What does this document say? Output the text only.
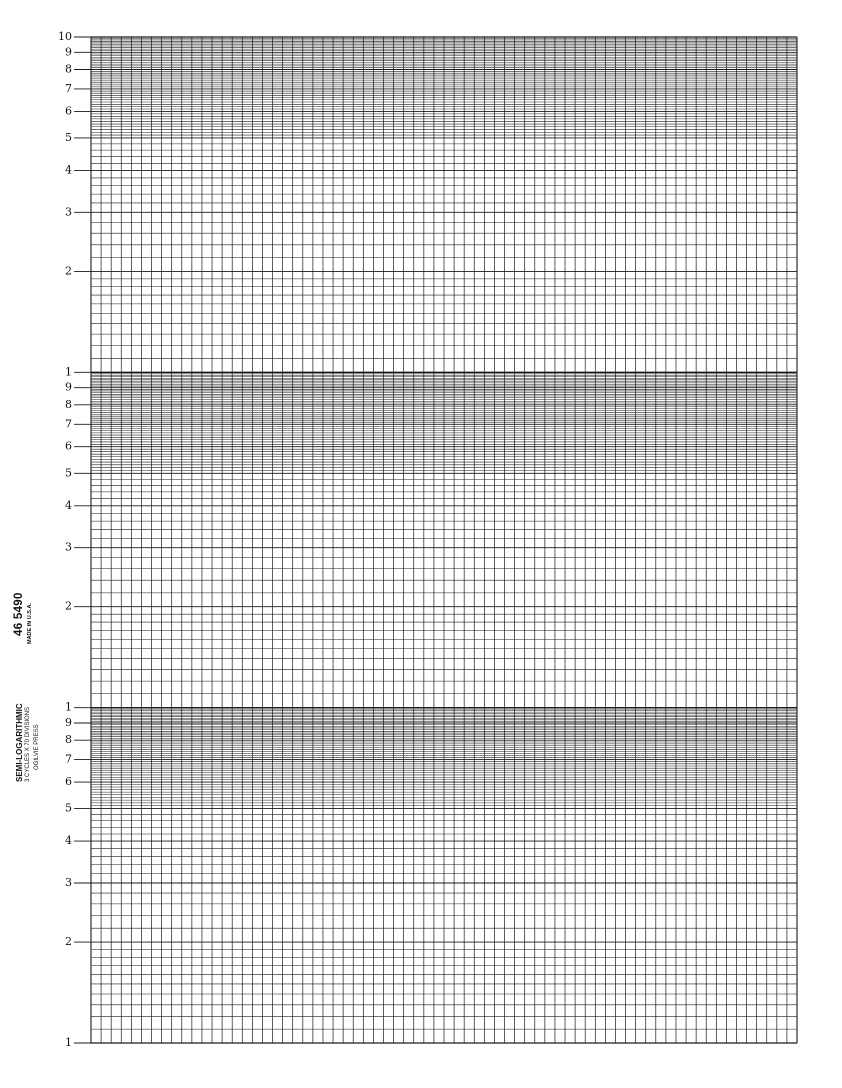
10
9
8
7
6
5
4
3
2
1
9
8
7
6
5
4
3
2
1
9
8
7
6
5
4
3
2
1
46 5490 MADE IN U.S.A.
SEMI-LOGARITHMIC 3 CYCLES X 70 DIVISIONS OGILVIE PRESS
